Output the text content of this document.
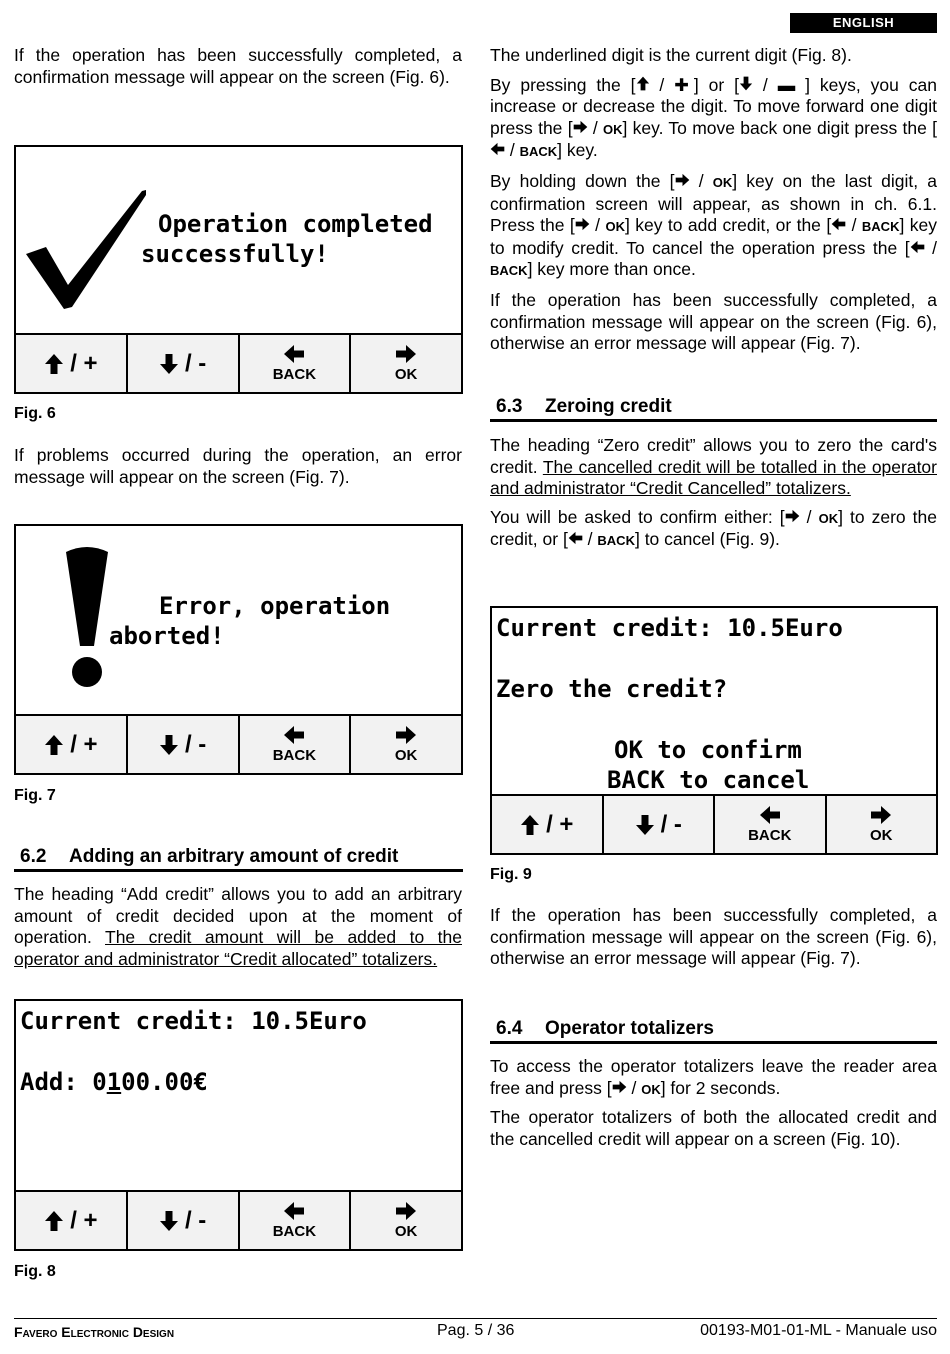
ENGLISH

If the operation has been successfully completed, a confirmation message will appear on the screen (Fig. 6).

Operation completed
successfully!
/ +	/ -	BACK	OK
Fig. 6

If problems occurred during the operation, an error message will appear on the screen (Fig. 7).

Error, operation
aborted!
/ +	/ -	BACK	OK
Fig. 7
6.2 Adding an arbitrary amount of credit

The heading “Add credit” allows you to add an arbitrary amount of credit decided upon at the moment of operation. The credit amount will be added to the operator and administrator “Credit allocated” totalizers.

Current credit: 10.5Euro
Add: 0100.00€
/ +	/ -	BACK	OK
Fig. 8

The underlined digit is the current digit (Fig. 8).

By pressing the [ / ✚] or [ / ▬ ] keys, you can increase or decrease the digit. To move forward one digit press the [ / OK] key. To move back one digit press the [ / BACK] key.

By holding down the [ / OK] key on the last digit, a confirmation screen will appear, as shown in ch. 6.1. Press the [ / OK] key to add credit, or the [ / BACK] key to modify credit. To cancel the operation press the [ / BACK] key more than once.

If the operation has been successfully completed, a confirmation message will appear on the screen (Fig. 6), otherwise an error message will appear (Fig. 7).

6.3 Zeroing credit

The heading “Zero credit” allows you to zero the card's credit. The cancelled credit will be totalled in the operator and administrator “Credit Cancelled” totalizers.

You will be asked to confirm either: [ / OK] to zero the credit, or [ / BACK] to cancel (Fig. 9).

Current credit: 10.5Euro
Zero the credit?
OK to confirm
BACK to cancel
/ +	/ -	BACK	OK
Fig. 9

If the operation has been successfully completed, a confirmation message will appear on the screen (Fig. 6), otherwise an error message will appear (Fig. 7).

6.4 Operator totalizers

To access the operator totalizers leave the reader area free and press [ / OK] for 2 seconds.

The operator totalizers of both the allocated credit and the cancelled credit will appear on a screen (Fig. 10).

Favero Electronic Design	Pag. 5 / 36	00193-M01-01-ML - Manuale uso
